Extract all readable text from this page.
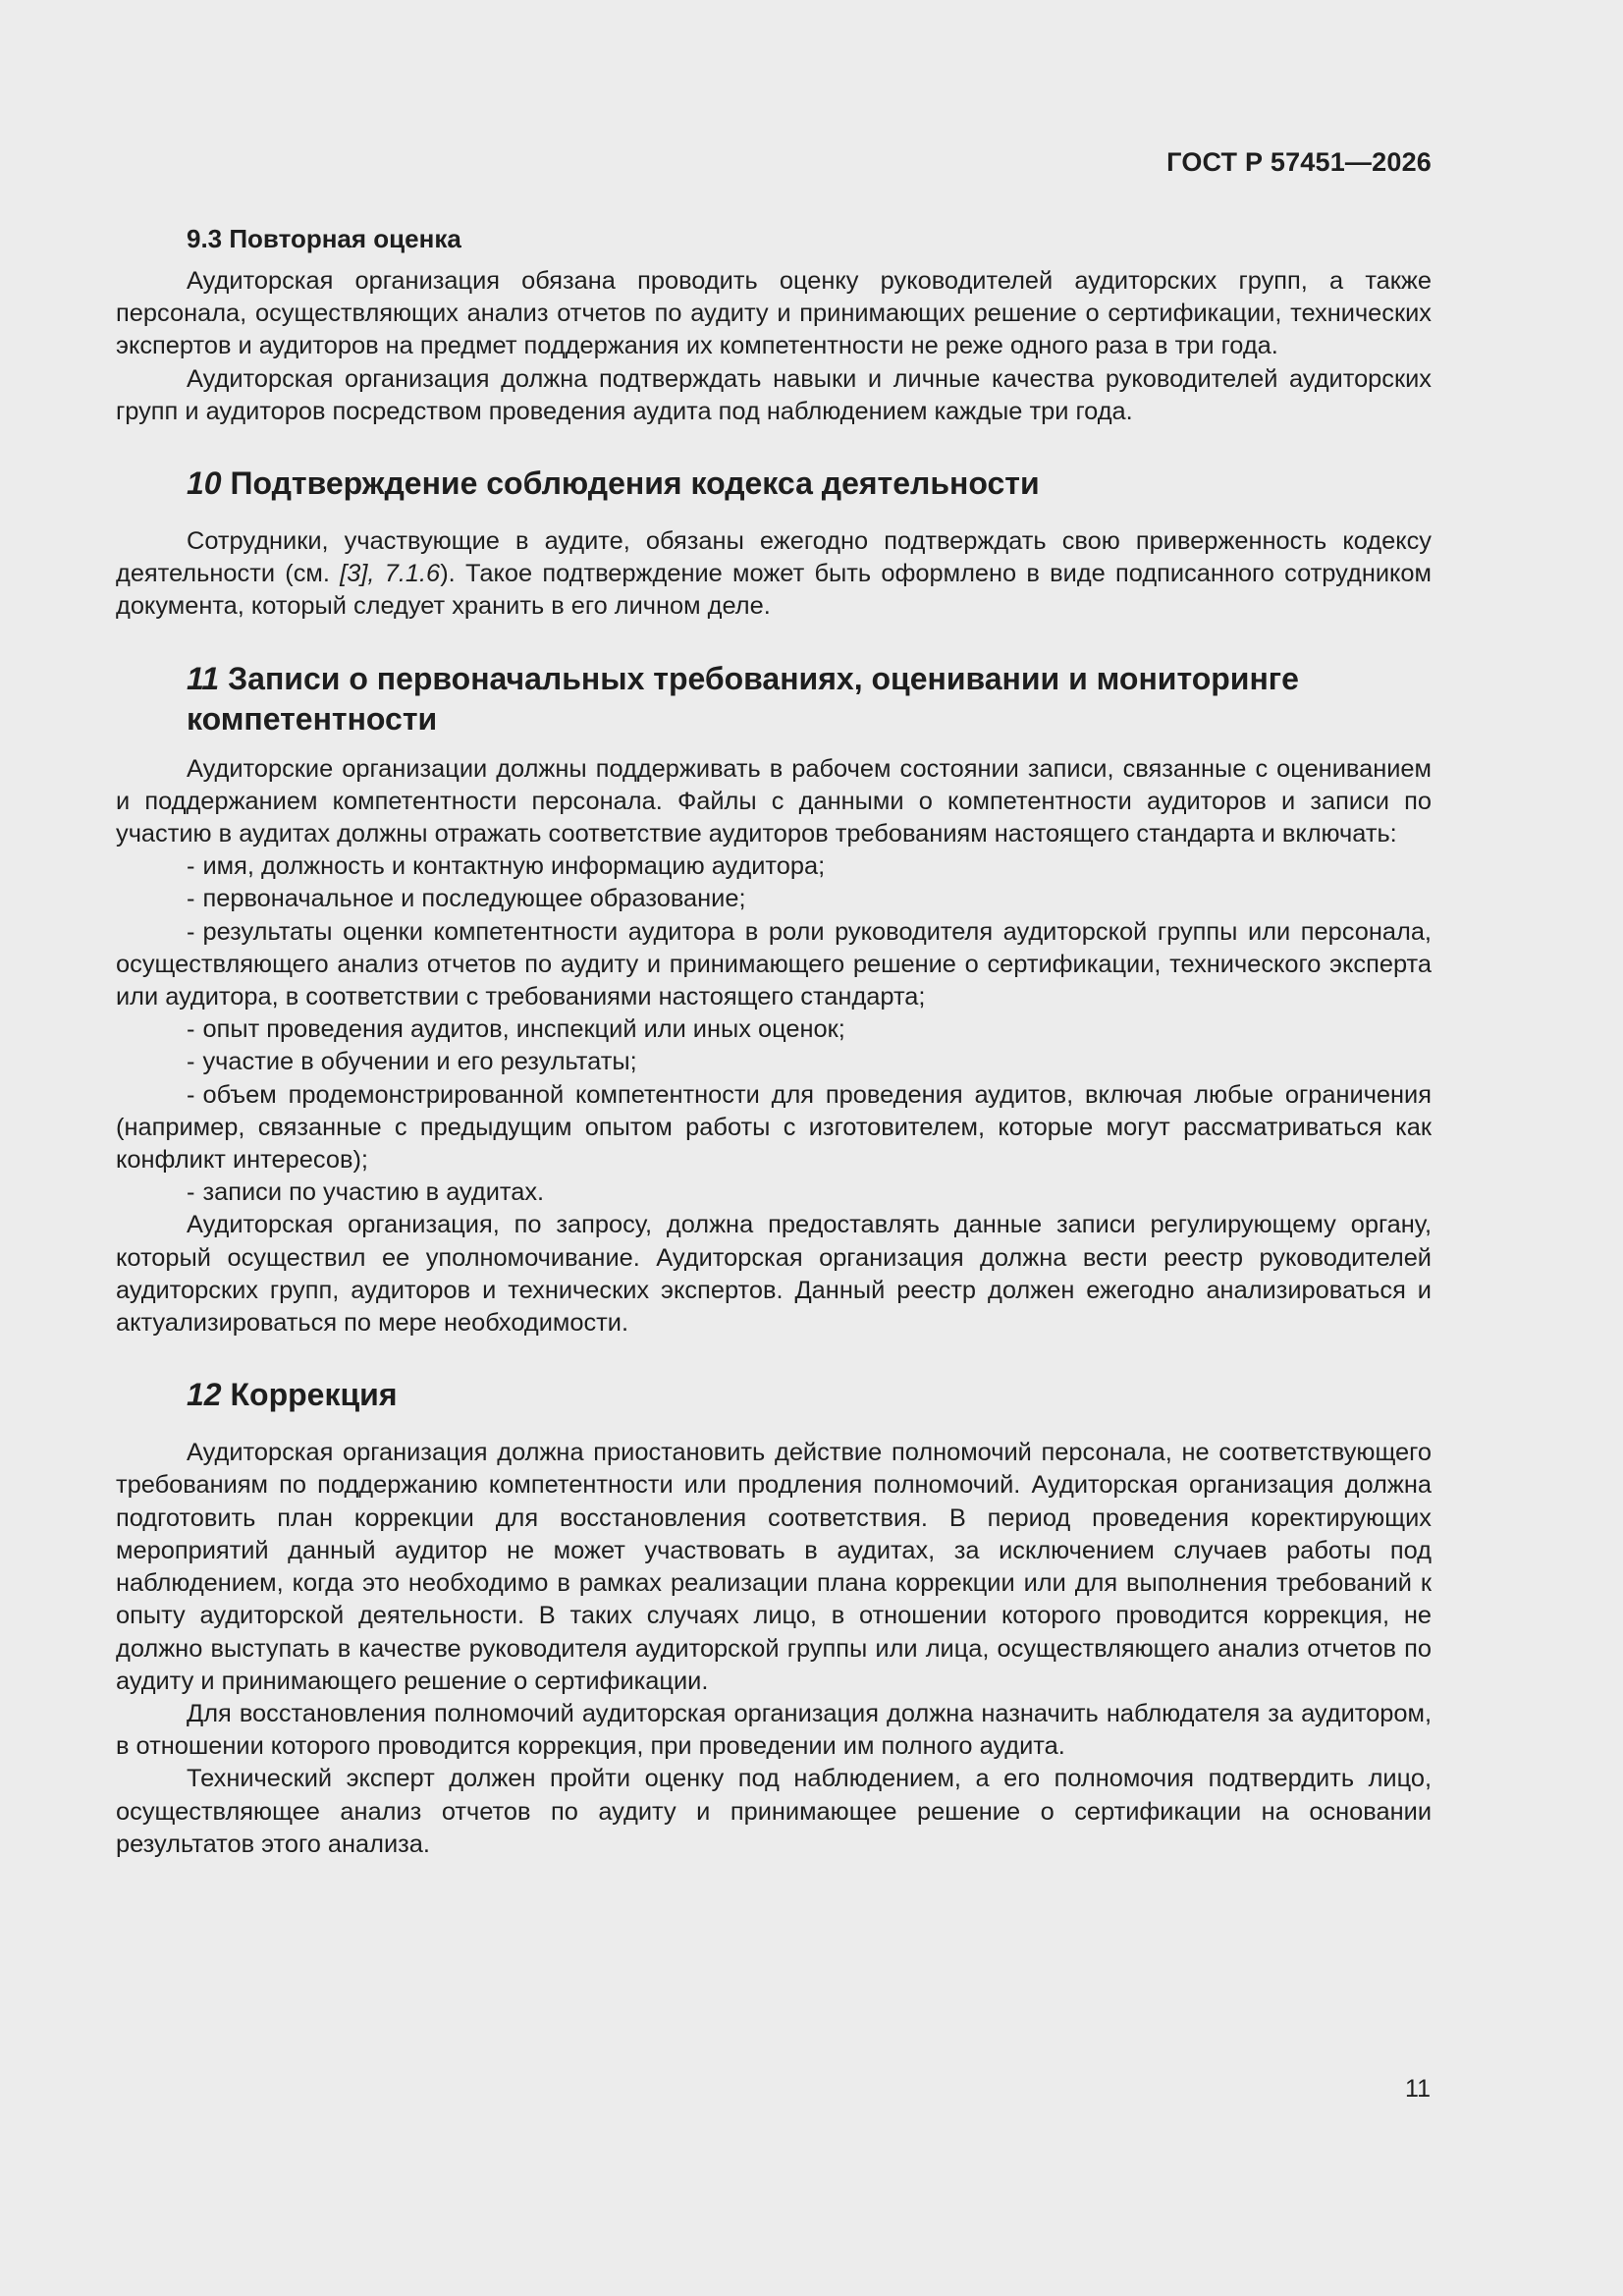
ГОСТ Р 57451—2026
9.3 Повторная оценка

Аудиторская организация обязана проводить оценку руководителей аудиторских групп, а также персонала, осуществляющих анализ отчетов по аудиту и принимающих решение о сертификации, технических экспертов и аудиторов на предмет поддержания их компетентности не реже одного раза в три года.

Аудиторская организация должна подтверждать навыки и личные качества руководителей аудиторских групп и аудиторов посредством проведения аудита под наблюдением каждые три года.

10 Подтверждение соблюдения кодекса деятельности

Сотрудники, участвующие в аудите, обязаны ежегодно подтверждать свою приверженность кодексу деятельности (см. [3], 7.1.6). Такое подтверждение может быть оформлено в виде подписанного сотрудником документа, который следует хранить в его личном деле.

11 Записи о первоначальных требованиях, оценивании и мониторинге компетентности

Аудиторские организации должны поддерживать в рабочем состоянии записи, связанные с оцениванием и поддержанием компетентности персонала. Файлы с данными о компетентности аудиторов и записи по участию в аудитах должны отражать соответствие аудиторов требованиям настоящего стандарта и включать:

- имя, должность и контактную информацию аудитора;
- первоначальное и последующее образование;
- результаты оценки компетентности аудитора в роли руководителя аудиторской группы или персонала, осуществляющего анализ отчетов по аудиту и принимающего решение о сертификации, технического эксперта или аудитора, в соответствии с требованиями настоящего стандарта;
- опыт проведения аудитов, инспекций или иных оценок;
- участие в обучении и его результаты;
- объем продемонстрированной компетентности для проведения аудитов, включая любые ограничения (например, связанные с предыдущим опытом работы с изготовителем, которые могут рассматриваться как конфликт интересов);
- записи по участию в аудитах.

Аудиторская организация, по запросу, должна предоставлять данные записи регулирующему органу, который осуществил ее уполномочивание. Аудиторская организация должна вести реестр руководителей аудиторских групп, аудиторов и технических экспертов. Данный реестр должен ежегодно анализироваться и актуализироваться по мере необходимости.

12 Коррекция

Аудиторская организация должна приостановить действие полномочий персонала, не соответствующего требованиям по поддержанию компетентности или продления полномочий. Аудиторская организация должна подготовить план коррекции для восстановления соответствия. В период проведения коректирующих мероприятий данный аудитор не может участвовать в аудитах, за исключением случаев работы под наблюдением, когда это необходимо в рамках реализации плана коррекции или для выполнения требований к опыту аудиторской деятельности. В таких случаях лицо, в отношении которого проводится коррекция, не должно выступать в качестве руководителя аудиторской группы или лица, осуществляющего анализ отчетов по аудиту и принимающего решение о сертификации.

Для восстановления полномочий аудиторская организация должна назначить наблюдателя за аудитором, в отношении которого проводится коррекция, при проведении им полного аудита.

Технический эксперт должен пройти оценку под наблюдением, а его полномочия подтвердить лицо, осуществляющее анализ отчетов по аудиту и принимающее решение о сертификации на основании результатов этого анализа.

11
